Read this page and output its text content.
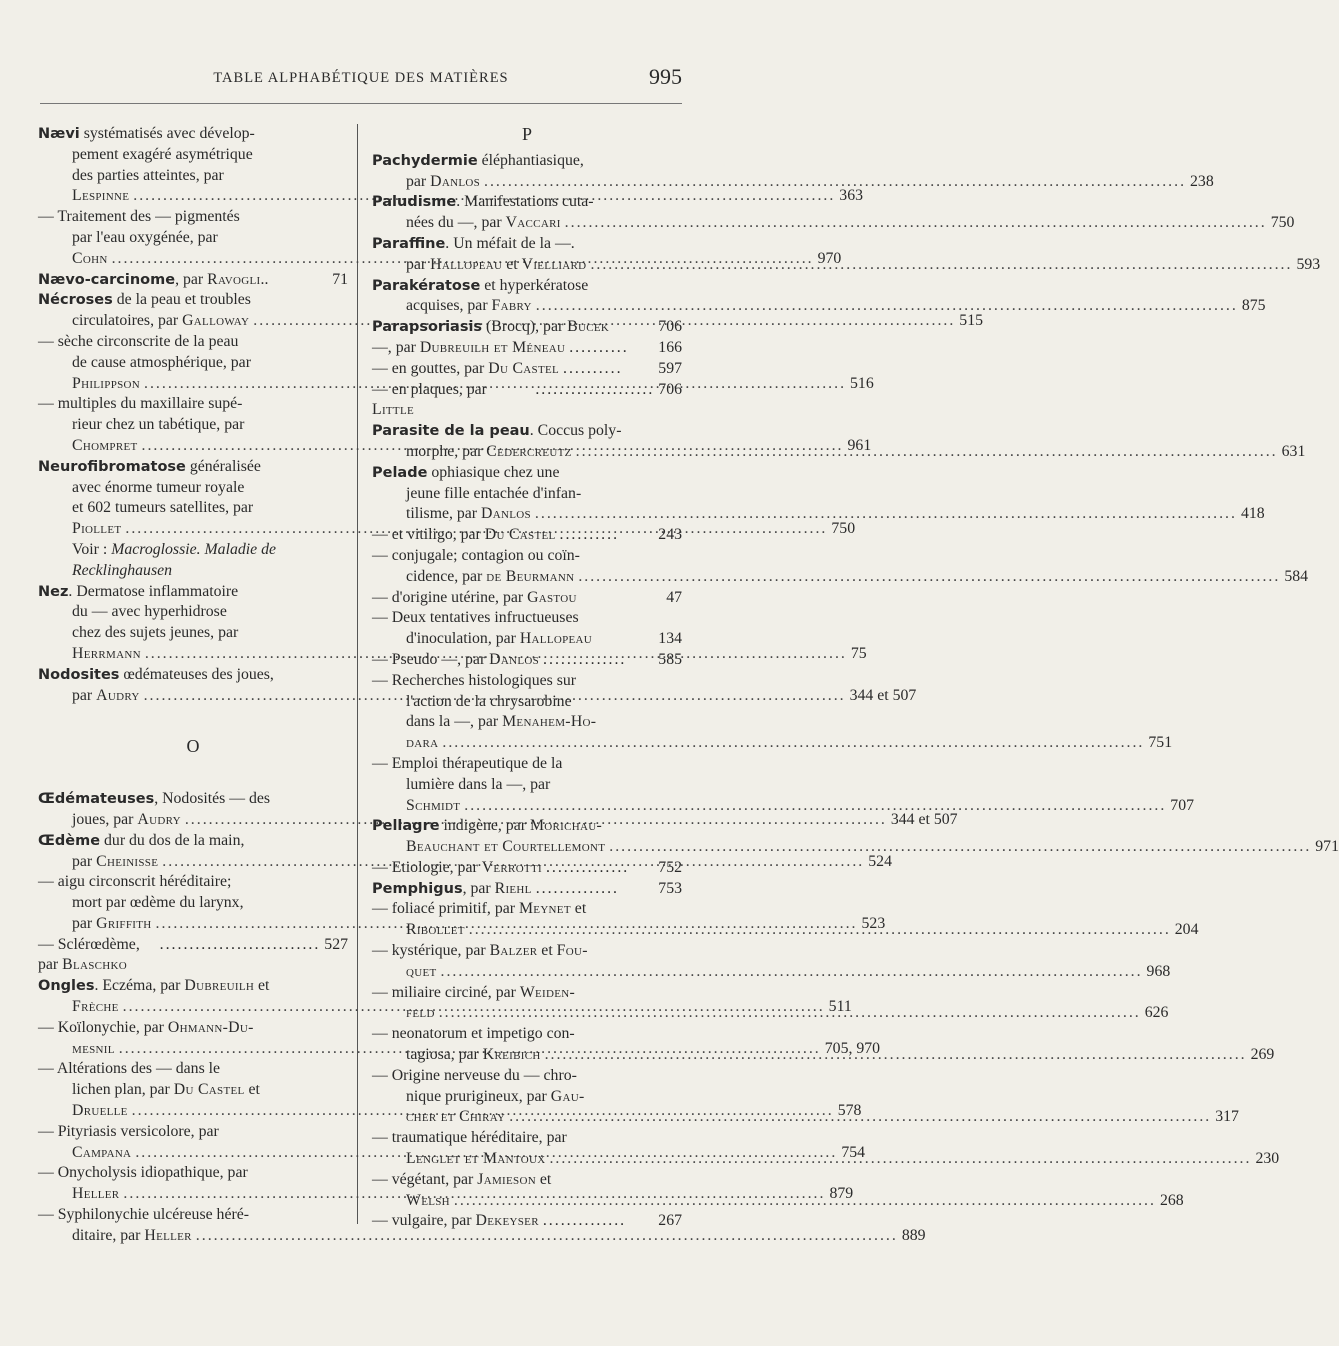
TABLE ALPHABÉTIQUE DES MATIÈRES	995
Nævi systématisés avec dévelop-
pement exagéré asymétrique
des parties atteintes, par
Lespinne .....	363
— Traitement des — pigmentés
par l'eau oxygénée, par
Cohn .....	970
Nævo-carcinome, par Ravogli..	71
Nécroses de la peau et troubles
circulatoires, par Galloway .....	515
— sèche circonscrite de la peau
de cause atmosphérique, par
Philippson .....	516
— multiples du maxillaire supé-
rieur chez un tabétique, par
Chompret .....	961
Neurofibromatose généralisée
avec énorme tumeur royale
et 602 tumeurs satellites, par
Piollet .....	750
Voir : Macroglossie. Maladie de
Recklinghausen
Nez. Dermatose inflammatoire
du — avec hyperhidrose
chez des sujets jeunes, par
Herrmann .....	75
Nodosites œdémateuses des joues,
par Audry .....	344 et 507
O
Œdémateuses, Nodosités — des
joues, par Audry .....	344 et 507
Œdème dur du dos de la main,
par Cheinisse .....	524
— aigu circonscrit héréditaire;
mort par œdème du larynx,
par Griffith .....	523
— Sclérœdème, par Blaschko
........................... 527
Ongles. Eczéma, par Dubreuilh et
Frèche .....	511
— Koïlonychie, par Ohmann-Du-
mesnil .....	705, 970
— Altérations des — dans le
lichen plan, par Du Castel et
Druelle .....	578
— Pityriasis versicolore, par
Campana .....	754
— Onycholysis idiopathique, par
Heller .....	879
— Syphilonychie ulcéreuse héré-
ditaire, par Heller .....	889
P
Pachydermie éléphantiasique,
par Danlos .....	238
Paludisme. Manifestations cuta-
nées du —, par Vaccari .....	750
Paraffine. Un méfait de la —.
par Hallopeau et Vielliard .....	593
Parakératose et hyperkératose
acquises, par Fabry .....	875
Parapsoriasis (Brocq), par Bucek	706
—, par Dubreuilh et Méneau ..........	166
— en gouttes, par Du Castel ..........	597
— en plaques, par Little
.................... 706
Parasite de la peau. Coccus poly-
morphe, par Cedercreutz .....	631
Pelade ophiasique chez une
jeune fille entachée d'infan-
tilisme, par Danlos .....	418
— et vitiligo, par Du Castel ..........	243
— conjugale; contagion ou coïn-
cidence, par de Beurmann .....	584
— d'origine utérine, par Gastou	47
— Deux tentatives infructueuses
d'inoculation, par Hallopeau	134
— Pseudo —, par Danlos ..............	585
— Recherches histologiques sur
l'action de la chrysarobine
dans la —, par Menahem-Ho-
dara .....	751
— Emploi thérapeutique de la
lumière dans la —, par
Schmidt .....	707
Pellagre indigène, par Morichau-
Beauchant et Courtellemont .....	971
— Etiologie, par Verrotti ..............	752
Pemphigus, par Riehl ..............	753
— foliacé primitif, par Meynet et
Ribollet .....	204
— kystérique, par Balzer et Fou-
quet .....	968
— miliaire circiné, par Weiden-
feld .....	626
— neonatorum et impetigo con-
tagiosa, par Kreibich .....	269
— Origine nerveuse du — chro-
nique prurigineux, par Gau-
cher et Chiray .....	317
— traumatique héréditaire, par
Lenglet et Mantoux .....	230
— végétant, par Jamieson et
Welsh .....	268
— vulgaire, par Dekeyser ..............	267
